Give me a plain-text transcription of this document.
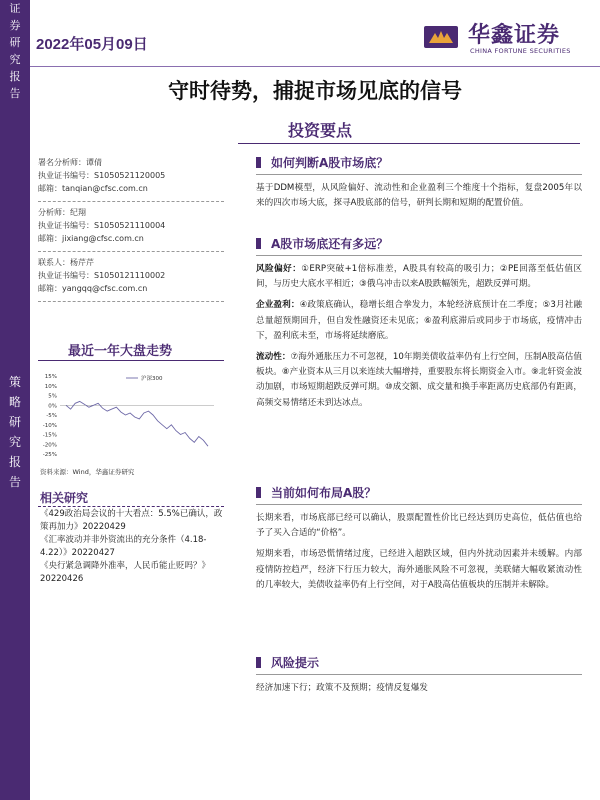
证
券
研
究
报
告
策
略
研
究
报
告
2022年05月09日	华鑫证券
CHINA FORTUNE SECURITIES
守时待势，捕捉市场见底的信号
投资要点
署名分析师：谭倩
执业证书编号：S1050521120005
邮箱：tanqian@cfsc.com.cn
分析师：纪翔
执业证书编号：S1050521110004
邮箱：jixiang@cfsc.com.cn
联系人：杨芹芹
执业证书编号：S1050121110002
邮箱：yangqq@cfsc.com.cn
最近一年大盘走势
15%
10%
5%
0%
-5%
-10%
-15%
-20%
-25%
沪深300
资料来源：Wind，华鑫证券研究
相关研究
《429政治局会议的十大看点：5.5%已确认，政策再加力》20220429
《汇率波动并非外资流出的充分条件（4.18-4.22）》20220427
《央行紧急调降外准率，人民币能止贬吗？》20220426
如何判断A股市场底？

基于DDM模型，从风险偏好、流动性和企业盈利三个维度十个指标，复盘2005年以来的四次市场大底，探寻A股底部的信号，研判长期和短期的配置价值。

A股市场底还有多远？

风险偏好：①ERP突破+1倍标准差，A股具有较高的吸引力；②PE回落至低估值区间，与历史大底水平相近；③俄乌冲击以来A股跌幅领先，超跌反弹可期。

企业盈利：④政策底确认，稳增长组合拳发力，本轮经济底预计在二季度；⑤3月社融总量超预期回升，但自发性融资还未见底；⑥盈利底滞后或同步于市场底，疫情冲击下，盈利底未至，市场将延续磨底。

流动性：⑦海外通胀压力不可忽视，10年期美债收益率仍有上行空间，压制A股高估值板块。⑧产业资本从三月以来连续大幅增持，重要股东将长期资金入市。⑨北轩资金波动加剧，市场短期超跌反弹可期。⑩成交额、成交量和换手率距离历史底部仍有距离，高频交易情绪还未到达冰点。

当前如何布局A股？

长期来看，市场底部已经可以确认，股票配置性价比已经达到历史高位，低估值也给予了买入合适的“价格”。

短期来看，市场恐慌情绪过度，已经进入超跌区域，但内外扰动因素并未缓解。内部疫情防控趋严，经济下行压力较大，海外通胀风险不可忽视，美联储大幅收紧流动性的几率较大，美债收益率仍有上行空间，对于A股高估值板块的压制并未解除。

风险提示

经济加速下行；政策不及预期；疫情反复爆发
